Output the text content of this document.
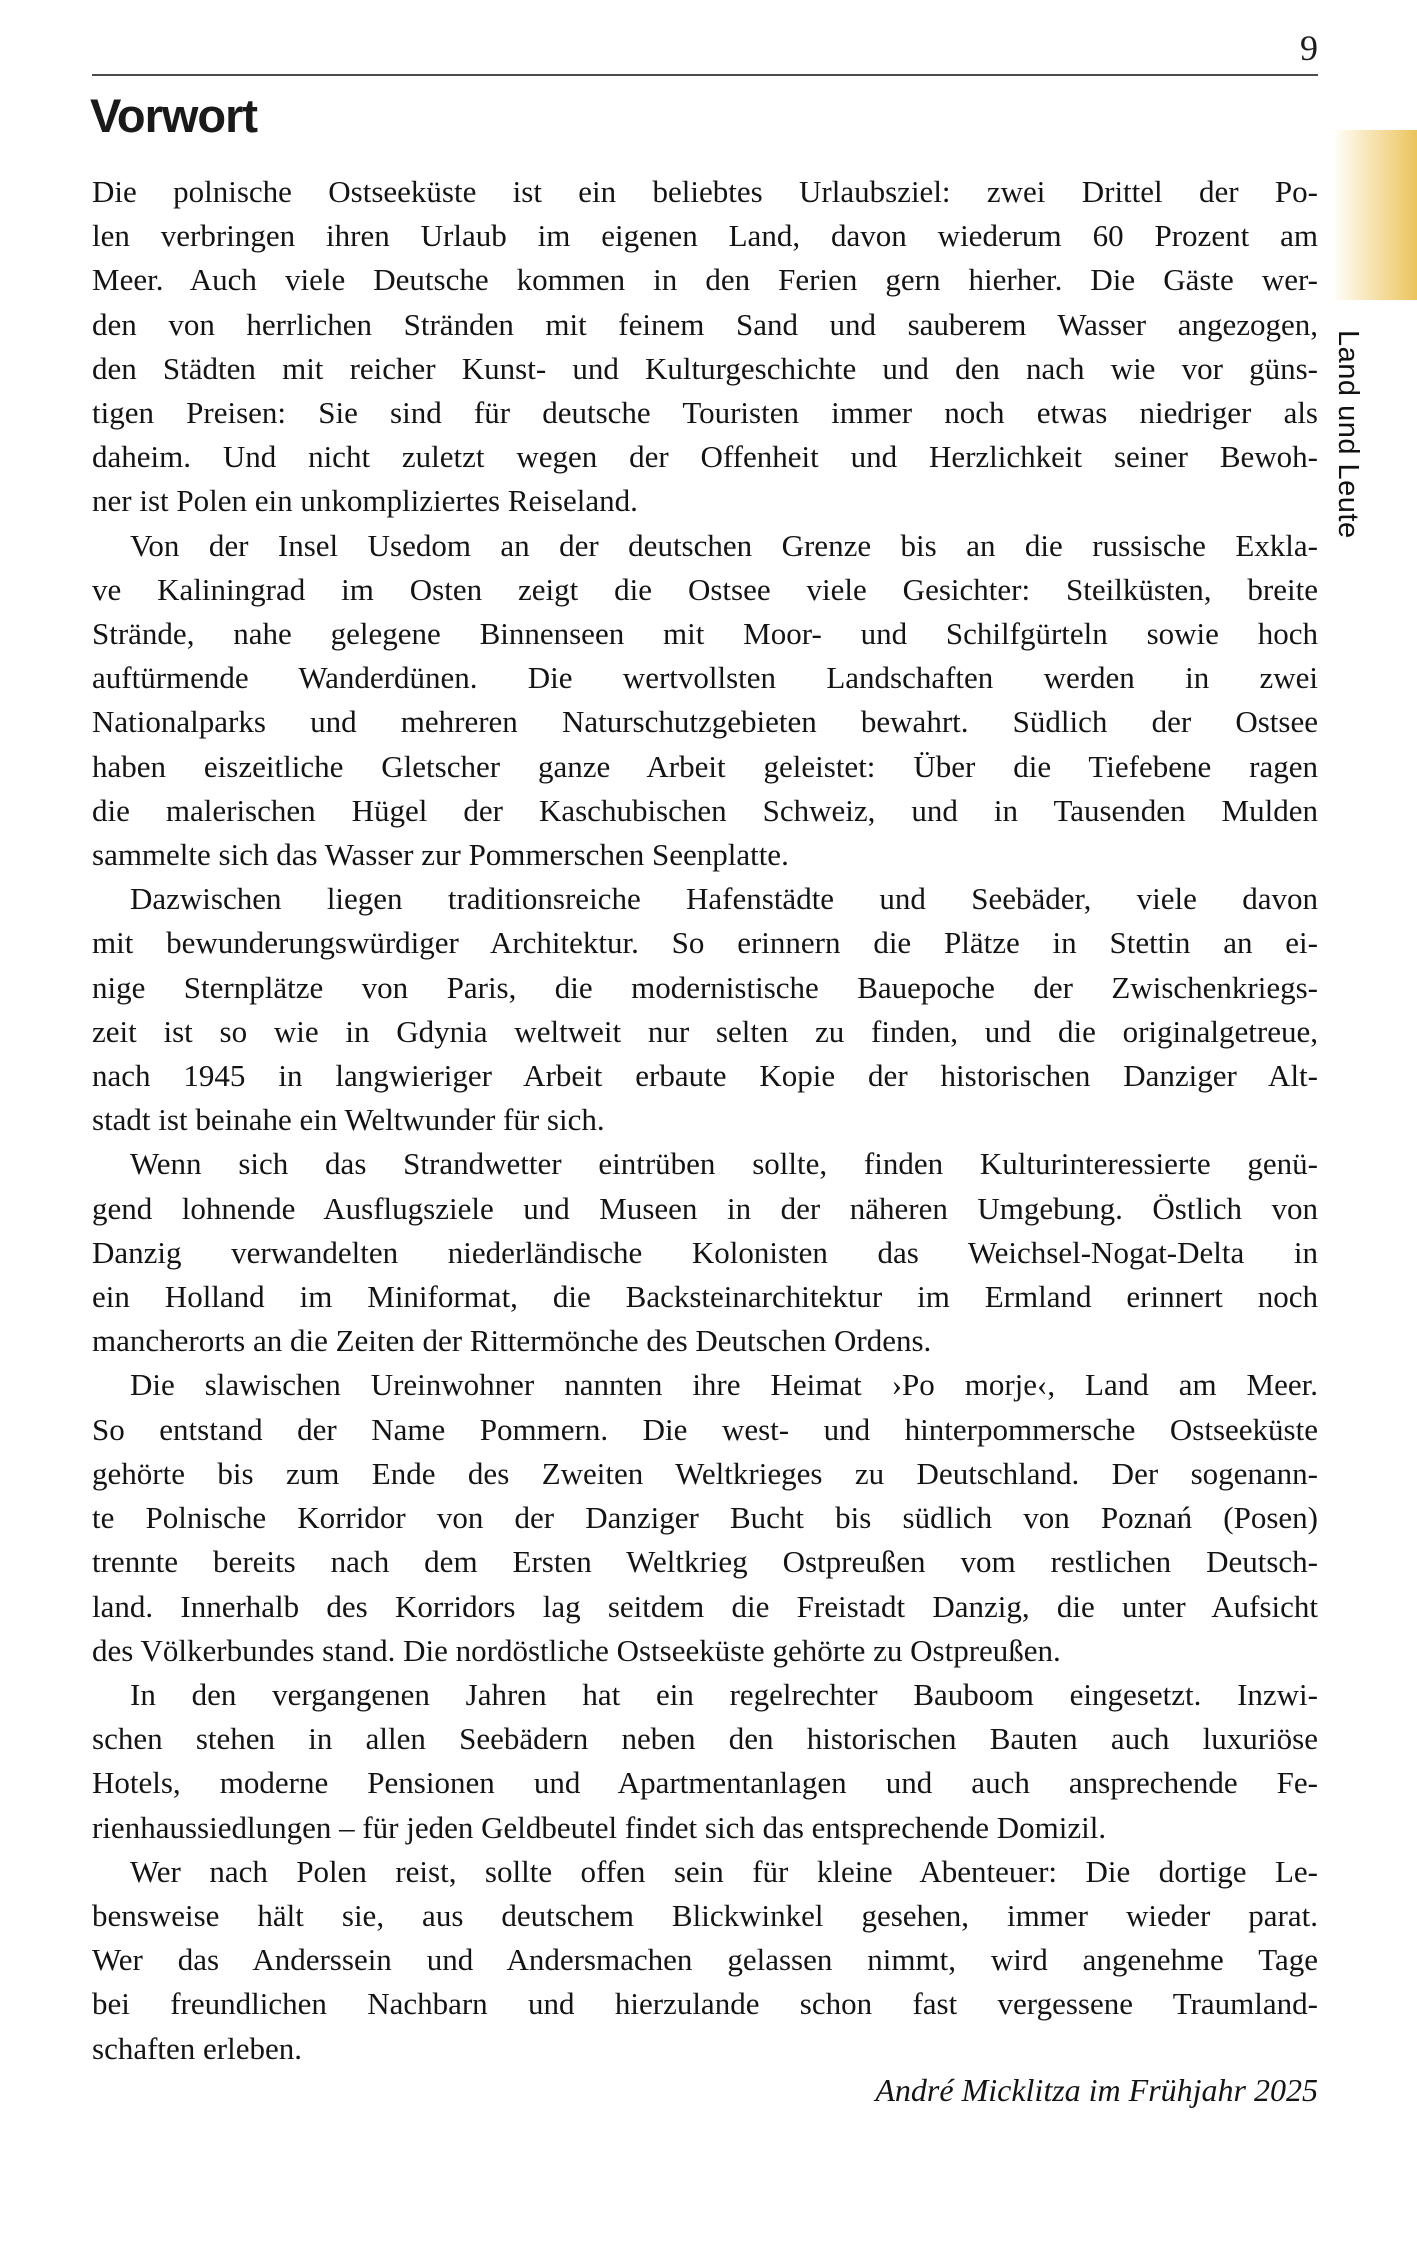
9
Land und Leute
Vorwort
Die polnische Ostseeküste ist ein beliebtes Urlaubsziel: zwei Drittel der Po-
len verbringen ihren Urlaub im eigenen Land, davon wiederum 60 Prozent am
Meer. Auch viele Deutsche kommen in den Ferien gern hierher. Die Gäste wer-
den von herrlichen Stränden mit feinem Sand und sauberem Wasser angezogen,
den Städten mit reicher Kunst- und Kulturgeschichte und den nach wie vor güns-
tigen Preisen: Sie sind für deutsche Touristen immer noch etwas niedriger als
daheim. Und nicht zuletzt wegen der Offenheit und Herzlichkeit seiner Bewoh-
ner ist Polen ein unkompliziertes Reiseland.
Von der Insel Usedom an der deutschen Grenze bis an die russische Exkla-
ve Kaliningrad im Osten zeigt die Ostsee viele Gesichter: Steilküsten, breite
Strände, nahe gelegene Binnenseen mit Moor- und Schilfgürteln sowie hoch
auftürmende Wanderdünen. Die wertvollsten Landschaften werden in zwei
Nationalparks und mehreren Naturschutzgebieten bewahrt. Südlich der Ostsee
haben eiszeitliche Gletscher ganze Arbeit geleistet: Über die Tiefebene ragen
die malerischen Hügel der Kaschubischen Schweiz, und in Tausenden Mulden
sammelte sich das Wasser zur Pommerschen Seenplatte.
Dazwischen liegen traditionsreiche Hafenstädte und Seebäder, viele davon
mit bewunderungswürdiger Architektur. So erinnern die Plätze in Stettin an ei-
nige Sternplätze von Paris, die modernistische Bauepoche der Zwischenkriegs-
zeit ist so wie in Gdynia weltweit nur selten zu finden, und die originalgetreue,
nach 1945 in langwieriger Arbeit erbaute Kopie der historischen Danziger Alt-
stadt ist beinahe ein Weltwunder für sich.
Wenn sich das Strandwetter eintrüben sollte, finden Kulturinteressierte genü-
gend lohnende Ausflugsziele und Museen in der näheren Umgebung. Östlich von
Danzig verwandelten niederländische Kolonisten das Weichsel-Nogat-Delta in
ein Holland im Miniformat, die Backsteinarchitektur im Ermland erinnert noch
mancherorts an die Zeiten der Rittermönche des Deutschen Ordens.
Die slawischen Ureinwohner nannten ihre Heimat ›Po morje‹, Land am Meer.
So entstand der Name Pommern. Die west- und hinterpommersche Ostseeküste
gehörte bis zum Ende des Zweiten Weltkrieges zu Deutschland. Der sogenann-
te Polnische Korridor von der Danziger Bucht bis südlich von Poznań (Posen)
trennte bereits nach dem Ersten Weltkrieg Ostpreußen vom restlichen Deutsch-
land. Innerhalb des Korridors lag seitdem die Freistadt Danzig, die unter Aufsicht
des Völkerbundes stand. Die nordöstliche Ostseeküste gehörte zu Ostpreußen.
In den vergangenen Jahren hat ein regelrechter Bauboom eingesetzt. Inzwi-
schen stehen in allen Seebädern neben den historischen Bauten auch luxuriöse
Hotels, moderne Pensionen und Apartmentanlagen und auch ansprechende Fe-
rienhaussiedlungen – für jeden Geldbeutel findet sich das entsprechende Domizil.
Wer nach Polen reist, sollte offen sein für kleine Abenteuer: Die dortige Le-
bensweise hält sie, aus deutschem Blickwinkel gesehen, immer wieder parat.
Wer das Anderssein und Andersmachen gelassen nimmt, wird angenehme Tage
bei freundlichen Nachbarn und hierzulande schon fast vergessene Traumland-
schaften erleben.
André Micklitza im Frühjahr 2025
